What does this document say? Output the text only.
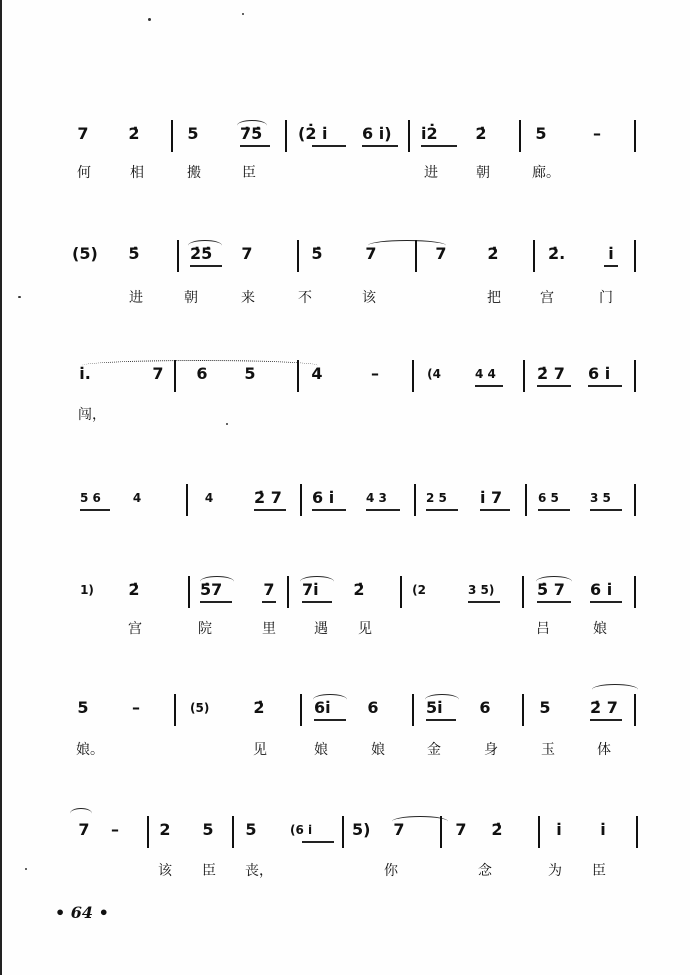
7 2̇	5	7̇5̇ (2̇ i̇ 6 i̇) i̇2̇ 2̇	5	–
何	相	搬	臣	进	朝	廊。
(5) 5̇	2̇5̇ 7	5̇	7	7	2̇	2̇.	i̇
进	朝	来	不	该	把	宫	门
i̇.	7 6 5	4	–	(4	4 4	2̇ 7 6 i̇
闯，
5 6	4	4	2̇ 7 6 i̇	4 3	2 5 i̇ 7	6 5	3 5
1) 2̇	5̇7	7 7i̇ 2̇	(2	3 5)	5̇ 7 6 i̇
宫	院	里	遇 见	吕	娘
5	–	(5)	2̇	6i̇ 6	5i̇ 6	5 2̇ 7
娘。	见	娘	娘	金	身	玉	体
7 –	2 5 5	(6 i̇ 5) 7	7 2̇	i̇ i̇
该 臣 丧，	你	念	为 臣
• 64 •
